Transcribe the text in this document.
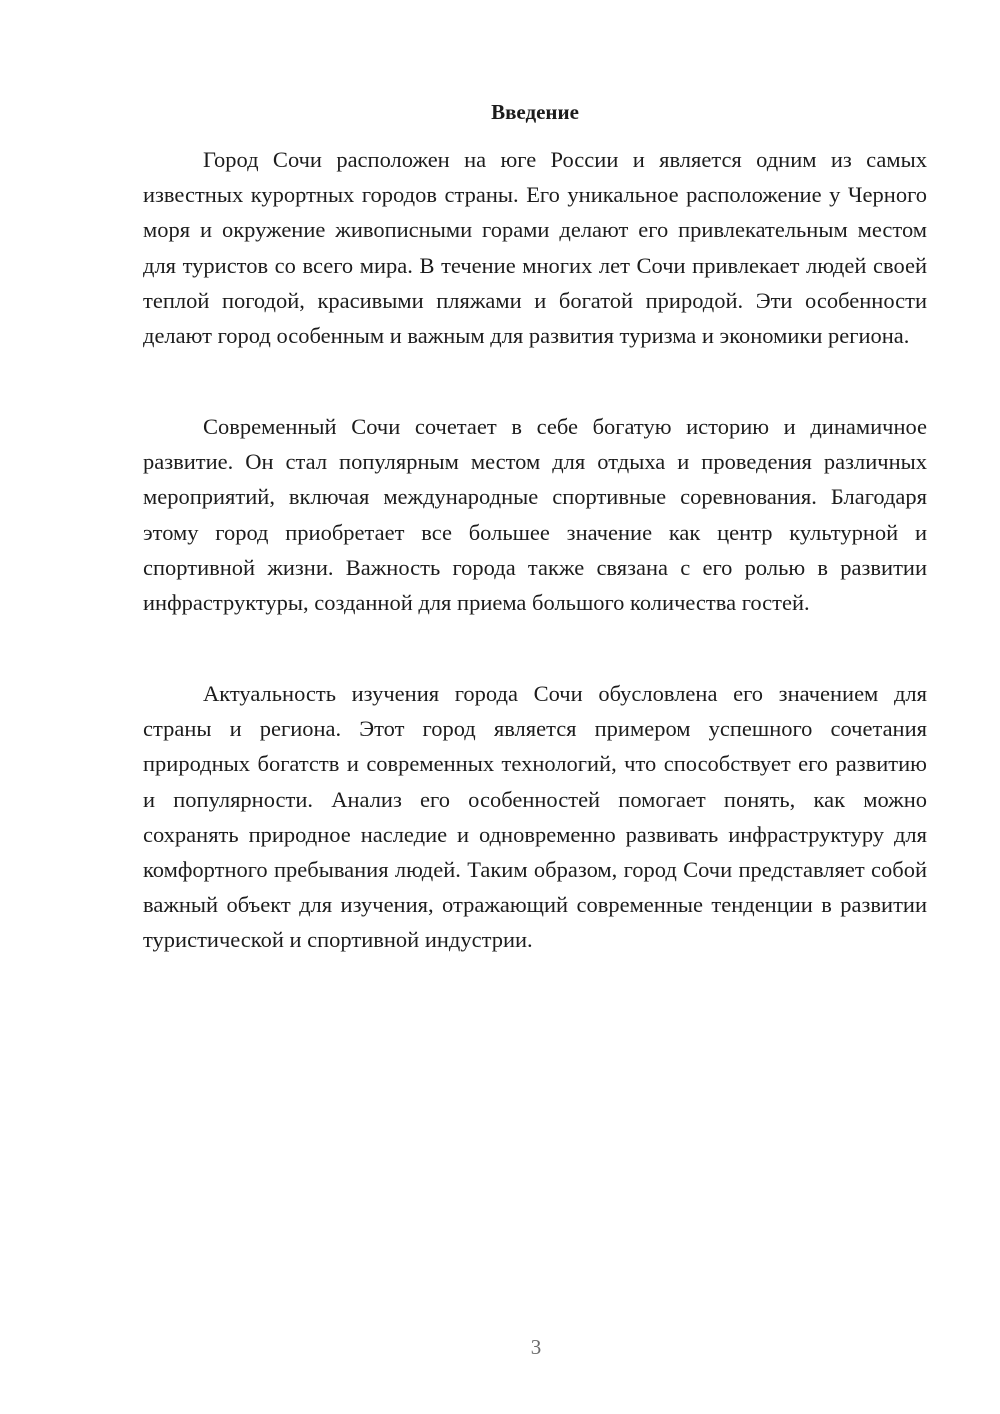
Введение

Город Сочи расположен на юге России и является одним из самых известных курортных городов страны. Его уникальное расположение у Черного моря и окружение живописными горами делают его привлекательным местом для туристов со всего мира. В течение многих лет Сочи привлекает людей своей теплой погодой, красивыми пляжами и богатой природой. Эти особенности делают город особенным и важным для развития туризма и экономики региона.

Современный Сочи сочетает в себе богатую историю и динамичное развитие. Он стал популярным местом для отдыха и проведения различных мероприятий, включая международные спортивные соревнования. Благодаря этому город приобретает все большее значение как центр культурной и спортивной жизни. Важность города также связана с его ролью в развитии инфраструктуры, созданной для приема большого количества гостей.

Актуальность изучения города Сочи обусловлена его значением для страны и региона. Этот город является примером успешного сочетания природных богатств и современных технологий, что способствует его развитию и популярности. Анализ его особенностей помогает понять, как можно сохранять природное наследие и одновременно развивать инфраструктуру для комфортного пребывания людей. Таким образом, город Сочи представляет собой важный объект для изучения, отражающий современные тенденции в развитии туристической и спортивной индустрии.

3
